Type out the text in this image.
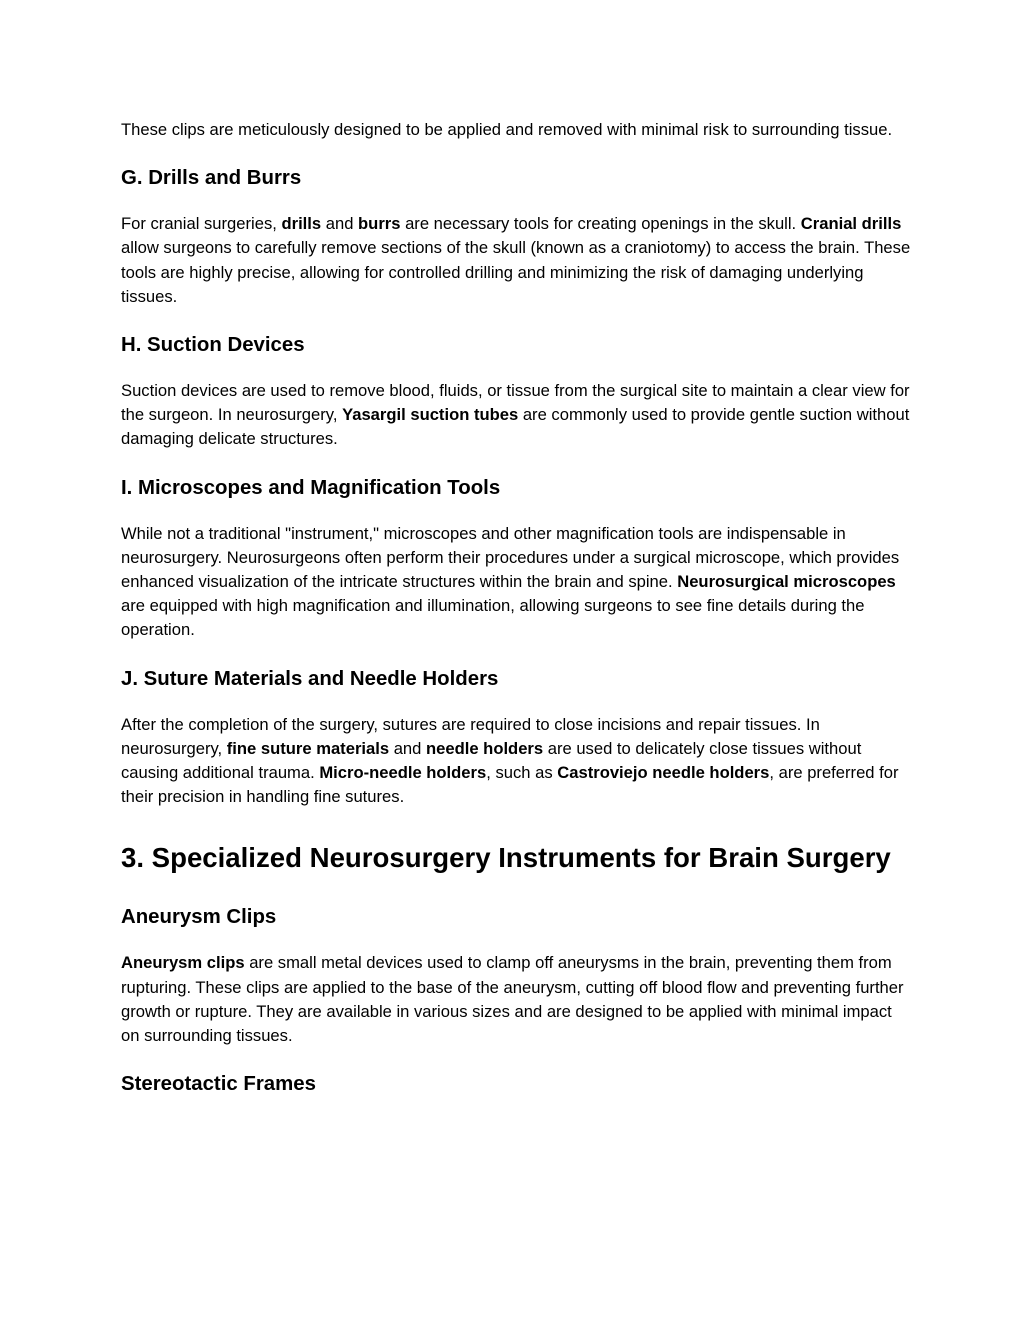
These clips are meticulously designed to be applied and removed with minimal risk to surrounding tissue.

G. Drills and Burrs

For cranial surgeries, drills and burrs are necessary tools for creating openings in the skull. Cranial drills allow surgeons to carefully remove sections of the skull (known as a craniotomy) to access the brain. These tools are highly precise, allowing for controlled drilling and minimizing the risk of damaging underlying tissues.

H. Suction Devices

Suction devices are used to remove blood, fluids, or tissue from the surgical site to maintain a clear view for the surgeon. In neurosurgery, Yasargil suction tubes are commonly used to provide gentle suction without damaging delicate structures.

I. Microscopes and Magnification Tools

While not a traditional "instrument," microscopes and other magnification tools are indispensable in neurosurgery. Neurosurgeons often perform their procedures under a surgical microscope, which provides enhanced visualization of the intricate structures within the brain and spine. Neurosurgical microscopes are equipped with high magnification and illumination, allowing surgeons to see fine details during the operation.

J. Suture Materials and Needle Holders

After the completion of the surgery, sutures are required to close incisions and repair tissues. In neurosurgery, fine suture materials and needle holders are used to delicately close tissues without causing additional trauma. Micro-needle holders, such as Castroviejo needle holders, are preferred for their precision in handling fine sutures.

3. Specialized Neurosurgery Instruments for Brain Surgery
Aneurysm Clips

Aneurysm clips are small metal devices used to clamp off aneurysms in the brain, preventing them from rupturing. These clips are applied to the base of the aneurysm, cutting off blood flow and preventing further growth or rupture. They are available in various sizes and are designed to be applied with minimal impact on surrounding tissues.

Stereotactic Frames
